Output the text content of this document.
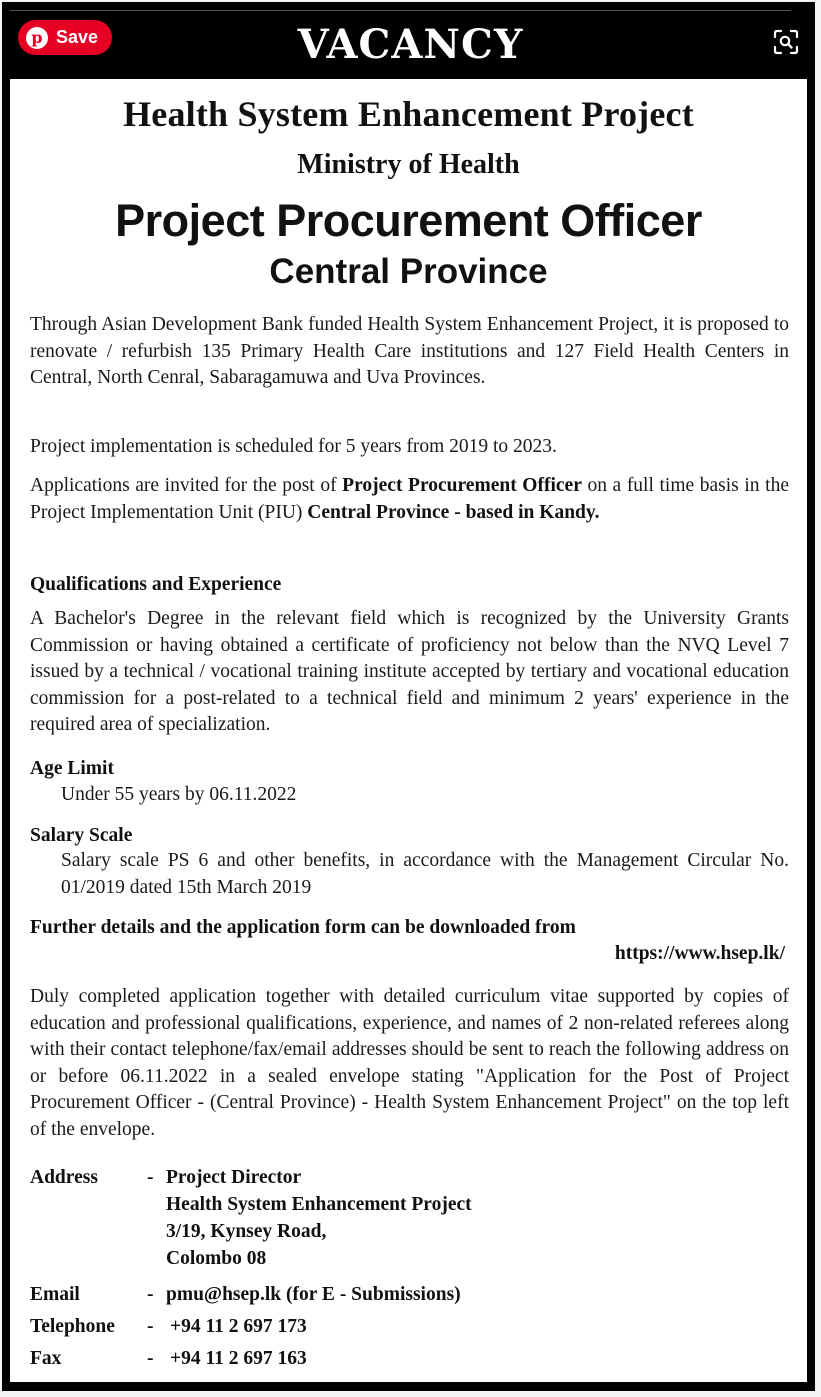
VACANCY
p Save
Health System Enhancement Project
Ministry of Health
Project Procurement Officer
Central Province
Through Asian Development Bank funded Health System Enhancement Project, it is proposed to renovate / refurbish 135 Primary Health Care institutions and 127 Field Health Centers in Central, North Cenral, Sabaragamuwa and Uva Provinces.
Project implementation is scheduled for 5 years from 2019 to 2023.
Applications are invited for the post of Project Procurement Officer on a full time basis in the Project Implementation Unit (PIU) Central Province - based in Kandy.
Qualifications and Experience
A Bachelor's Degree in the relevant field which is recognized by the University Grants Commission or having obtained a certificate of proficiency not below than the NVQ Level 7 issued by a technical / vocational training institute accepted by tertiary and vocational education commission for a post-related to a technical field and minimum 2 years' experience in the required area of specialization.
Age Limit
Under 55 years by 06.11.2022
Salary Scale
Salary scale PS 6 and other benefits, in accordance with the Management Circular No. 01/2019 dated 15th March 2019
Further details and the application form can be downloaded from
https://www.hsep.lk/
Duly completed application together with detailed curriculum vitae supported by copies of education and professional qualifications, experience, and names of 2 non-related referees along with their contact telephone/fax/email addresses should be sent to reach the following address on or before 06.11.2022 in a sealed envelope stating "Application for the Post of Project Procurement Officer - (Central Province) - Health System Enhancement Project" on the top left of the envelope.
Address	- Project Director
Health System Enhancement Project
3/19, Kynsey Road,
Colombo 08
Email	- pmu@hsep.lk (for E - Submissions)
Telephone - +94 11 2 697 173
Fax	- +94 11 2 697 163
